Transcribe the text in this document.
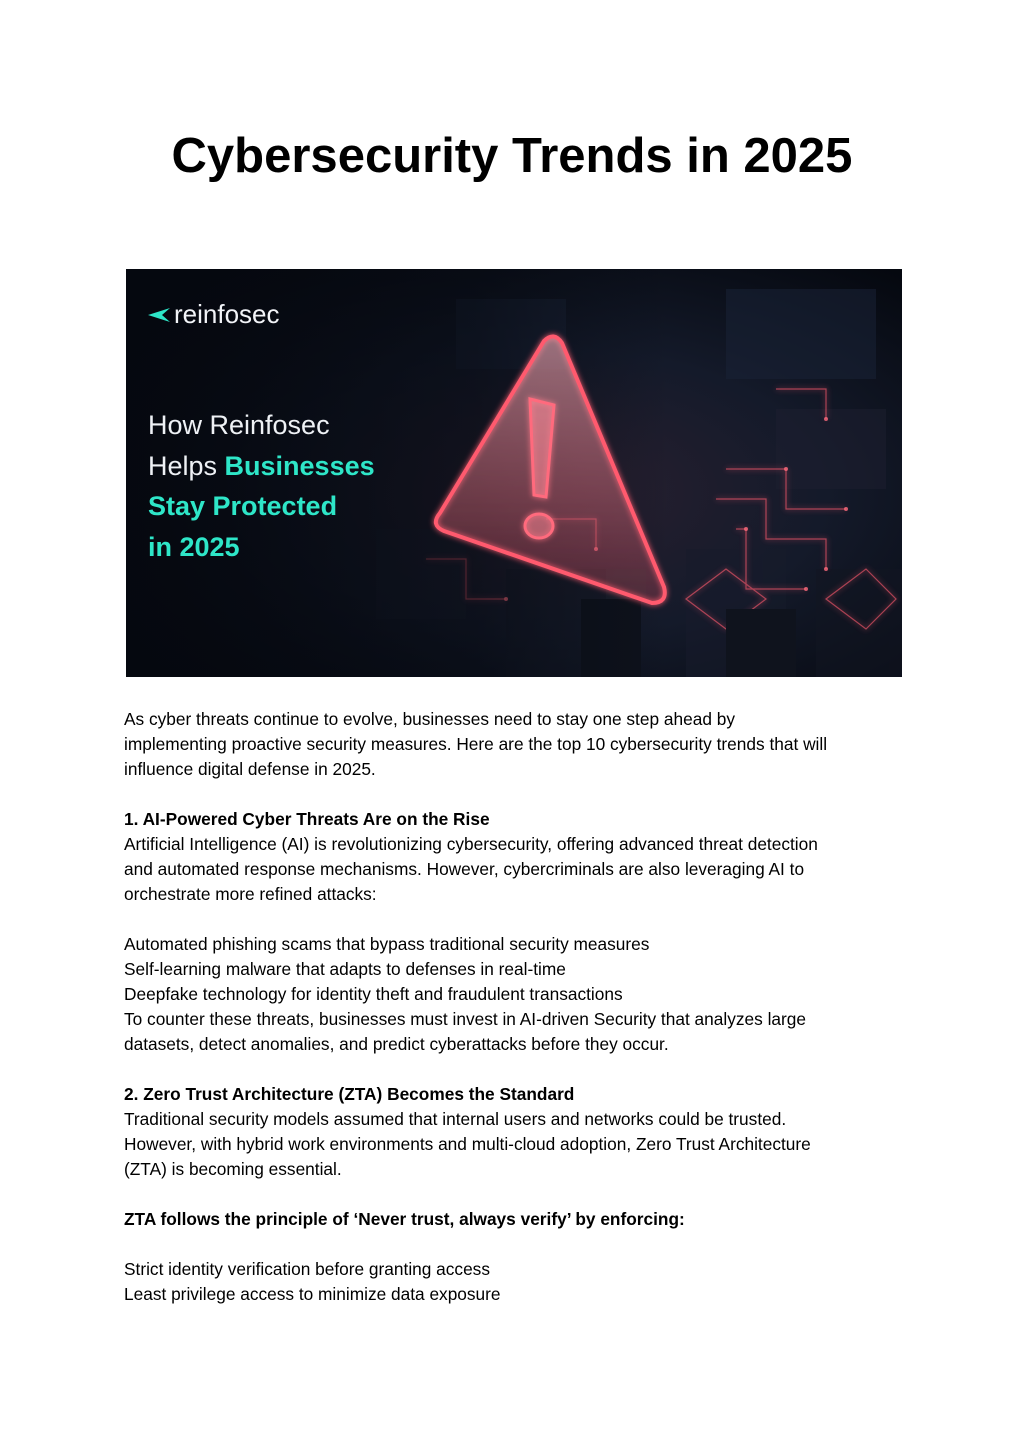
Cybersecurity Trends in 2025
reinfosec
How Reinfosec
Helps Businesses
Stay Protected
in 2025

As cyber threats continue to evolve, businesses need to stay one step ahead by

implementing proactive security measures. Here are the top 10 cybersecurity trends that will

influence digital defense in 2025.

1. AI-Powered Cyber Threats Are on the Rise

Artificial Intelligence (AI) is revolutionizing cybersecurity, offering advanced threat detection

and automated response mechanisms. However, cybercriminals are also leveraging AI to

orchestrate more refined attacks:

Automated phishing scams that bypass traditional security measures

Self-learning malware that adapts to defenses in real-time

Deepfake technology for identity theft and fraudulent transactions

To counter these threats, businesses must invest in AI-driven Security that analyzes large

datasets, detect anomalies, and predict cyberattacks before they occur.

2. Zero Trust Architecture (ZTA) Becomes the Standard

Traditional security models assumed that internal users and networks could be trusted.

However, with hybrid work environments and multi-cloud adoption, Zero Trust Architecture

(ZTA) is becoming essential.

ZTA follows the principle of ‘Never trust, always verify’ by enforcing:

Strict identity verification before granting access

Least privilege access to minimize data exposure
